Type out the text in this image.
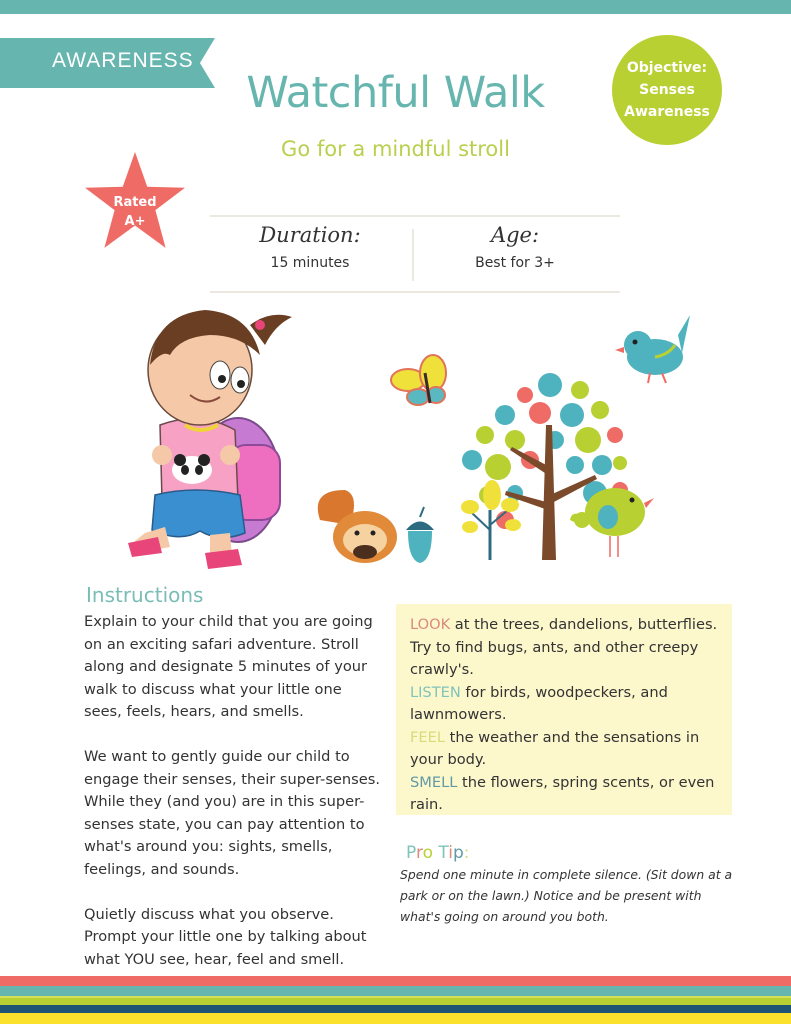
AWARENESS
Watchful Walk
Go for a mindful stroll
Objective:
Senses
Awareness
Rated
A+
Duration:
15 minutes
Age:
Best for 3+
Instructions

Explain to your child that you are going on an exciting safari adventure. Stroll along and designate 5 minutes of your walk to discuss what your little one sees, feels, hears, and smells.

We want to gently guide our child to engage their senses, their super-senses. While they (and you) are in this super-senses state, you can pay attention to what's around you: sights, smells, feelings, and sounds.

Quietly discuss what you observe. Prompt your little one by talking about what YOU see, hear, feel and smell.

LOOK at the trees, dandelions, butterflies. Try to find bugs, ants, and other creepy crawly's.
LISTEN for birds, woodpeckers, and lawnmowers.
FEEL the weather and the sensations in your body.
SMELL the flowers, spring scents, or even rain.
Pro Tip:
Spend one minute in complete silence. (Sit down at a park or on the lawn.) Notice and be present with what's going on around you both.
